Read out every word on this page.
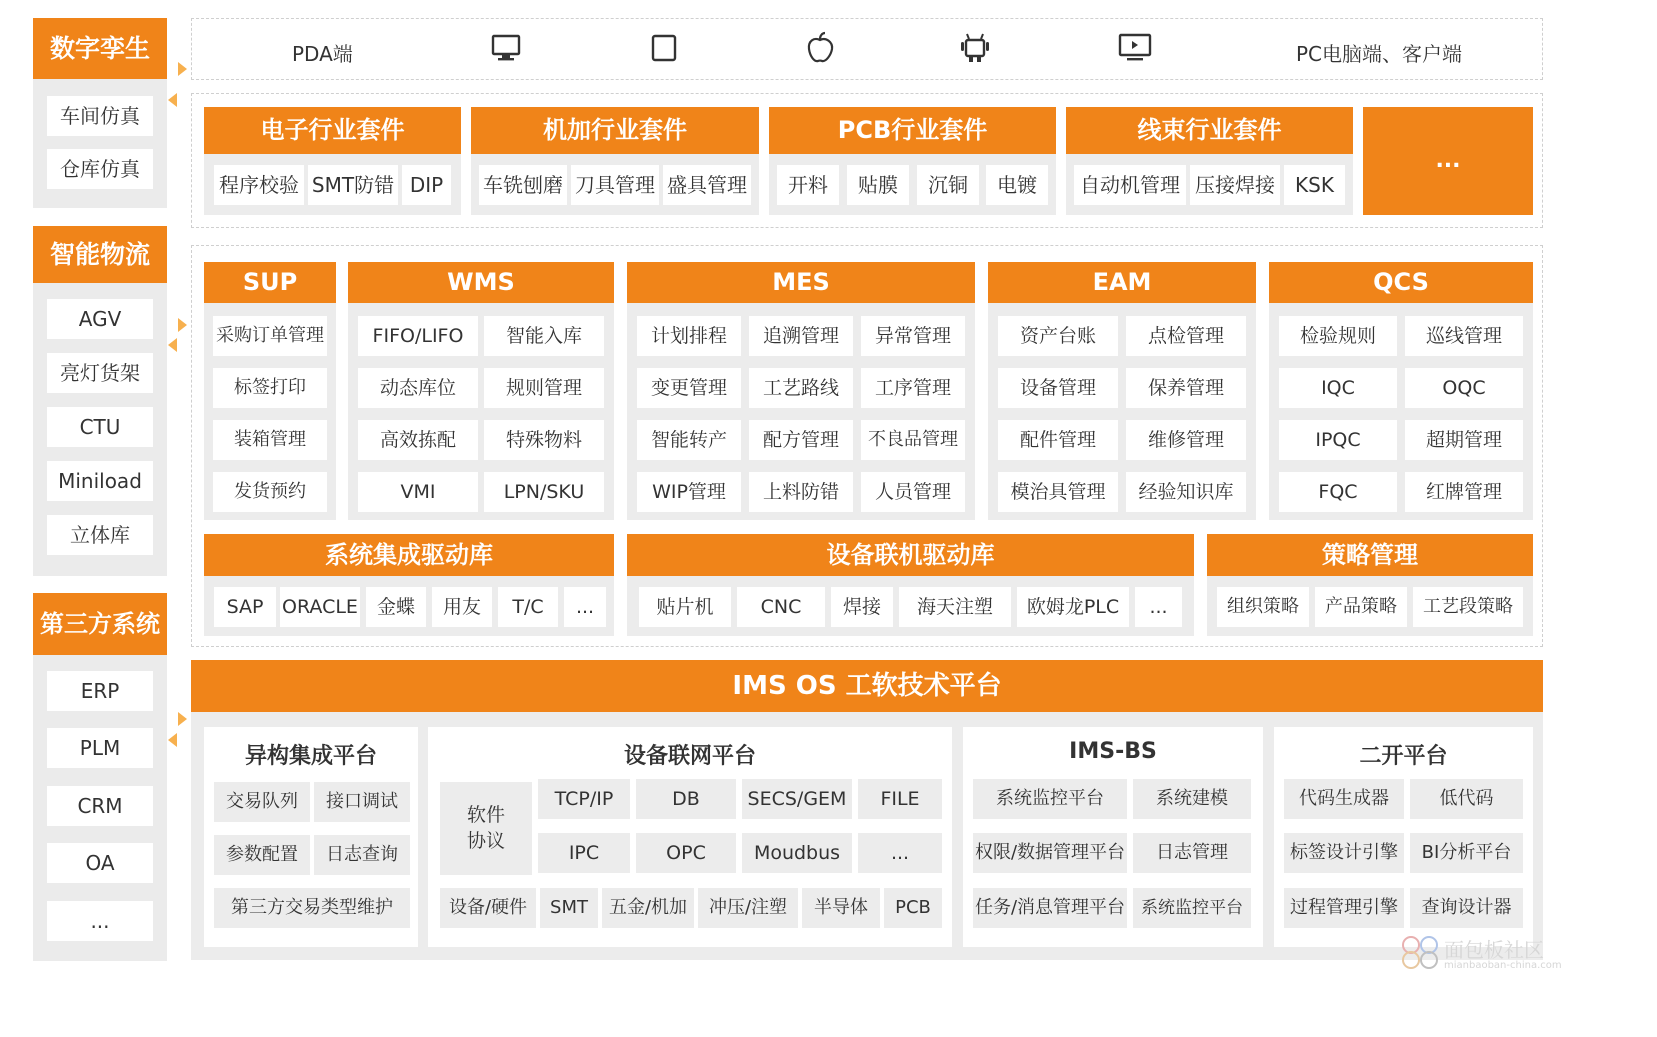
数字孪生
车间仿真
仓库仿真
智能物流
AGV
亮灯货架
CTU
Miniload
立体库
第三方系统
ERP
PLM
CRM
OA
...
PDA端	PC电脑端、客户端
电子行业套件
程序校验 SMT防错 DIP
机加行业套件
车铣刨磨 刀具管理 盛具管理
PCB行业套件
开料	贴膜	沉铜	电镀
线束行业套件
自动机管理 压接焊接	KSK
...
SUP
采购订单管理
标签打印
装箱管理
发货预约
WMS
FIFO/LIFO	智能入库
动态库位	规则管理
高效拣配	特殊物料
VMI	LPN/SKU
MES
计划排程	追溯管理	异常管理
变更管理	工艺路线	工序管理
智能转产	配方管理	不良品管理
WIP管理	上料防错	人员管理
EAM
资产台账	点检管理
设备管理	保养管理
配件管理	维修管理
模治具管理	经验知识库
QCS
检验规则	巡线管理
IQC	OQC
IPQC	超期管理
FQC	红牌管理
系统集成驱动库
SAP ORACLE	金蝶	用友	T/C	...
设备联机驱动库
贴片机	CNC	焊接	海天注塑	欧姆龙PLC	...
策略管理
组织策略	产品策略	工艺段策略
IMS OS 工软技术平台
异构集成平台
交易队列	接口调试
参数配置	日志查询
第三方交易类型维护
设备联网平台
软件
协议
TCP/IP	DB	SECS/GEM	FILE
IPC	OPC	Moudbus	...
设备/硬件	SMT	五金/机加	冲压/注塑	半导体	PCB
IMS-BS
系统监控平台	系统建模
权限/数据管理平台	日志管理
任务/消息管理平台 系统监控平台
二开平台
代码生成器	低代码
标签设计引擎	BI分析平台
过程管理引擎	查询设计器
面包板社区
mianbaoban-china.com
